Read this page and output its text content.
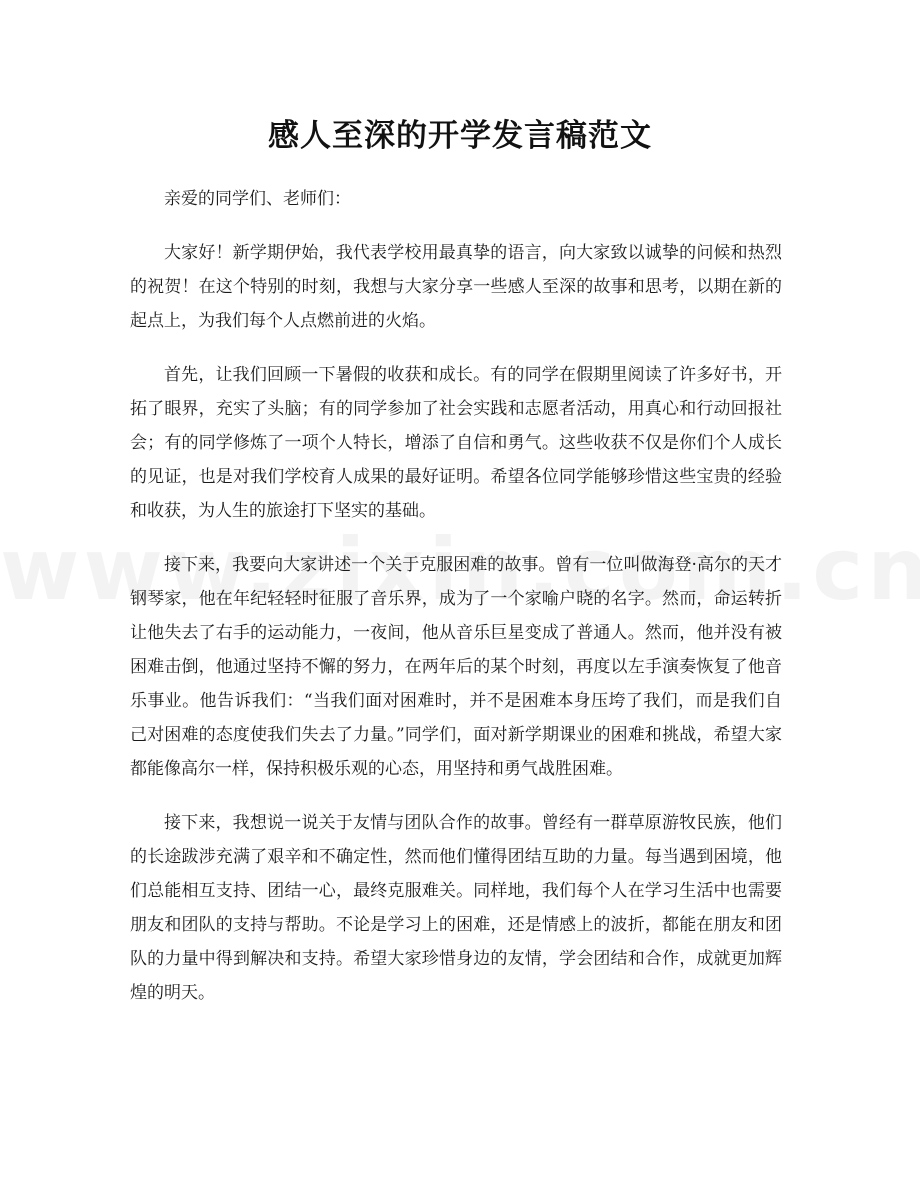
感人至深的开学发言稿范文

亲爱的同学们、老师们：

大家好！新学期伊始，我代表学校用最真挚的语言，向大家致以诚挚的问候和热烈的祝贺！在这个特别的时刻，我想与大家分享一些感人至深的故事和思考，以期在新的起点上，为我们每个人点燃前进的火焰。

首先，让我们回顾一下暑假的收获和成长。有的同学在假期里阅读了许多好书，开拓了眼界，充实了头脑；有的同学参加了社会实践和志愿者活动，用真心和行动回报社会；有的同学修炼了一项个人特长，增添了自信和勇气。这些收获不仅是你们个人成长的见证，也是对我们学校育人成果的最好证明。希望各位同学能够珍惜这些宝贵的经验和收获，为人生的旅途打下坚实的基础。

接下来，我要向大家讲述一个关于克服困难的故事。曾有一位叫做海登·高尔的天才钢琴家，他在年纪轻轻时征服了音乐界，成为了一个家喻户晓的名字。然而，命运转折让他失去了右手的运动能力，一夜间，他从音乐巨星变成了普通人。然而，他并没有被困难击倒，他通过坚持不懈的努力，在两年后的某个时刻，再度以左手演奏恢复了他音乐事业。他告诉我们：“当我们面对困难时，并不是困难本身压垮了我们，而是我们自己对困难的态度使我们失去了力量。”同学们，面对新学期课业的困难和挑战，希望大家都能像高尔一样，保持积极乐观的心态，用坚持和勇气战胜困难。

接下来，我想说一说关于友情与团队合作的故事。曾经有一群草原游牧民族，他们的长途跋涉充满了艰辛和不确定性，然而他们懂得团结互助的力量。每当遇到困境，他们总能相互支持、团结一心，最终克服难关。同样地，我们每个人在学习生活中也需要朋友和团队的支持与帮助。不论是学习上的困难，还是情感上的波折，都能在朋友和团队的力量中得到解决和支持。希望大家珍惜身边的友情，学会团结和合作，成就更加辉煌的明天。
